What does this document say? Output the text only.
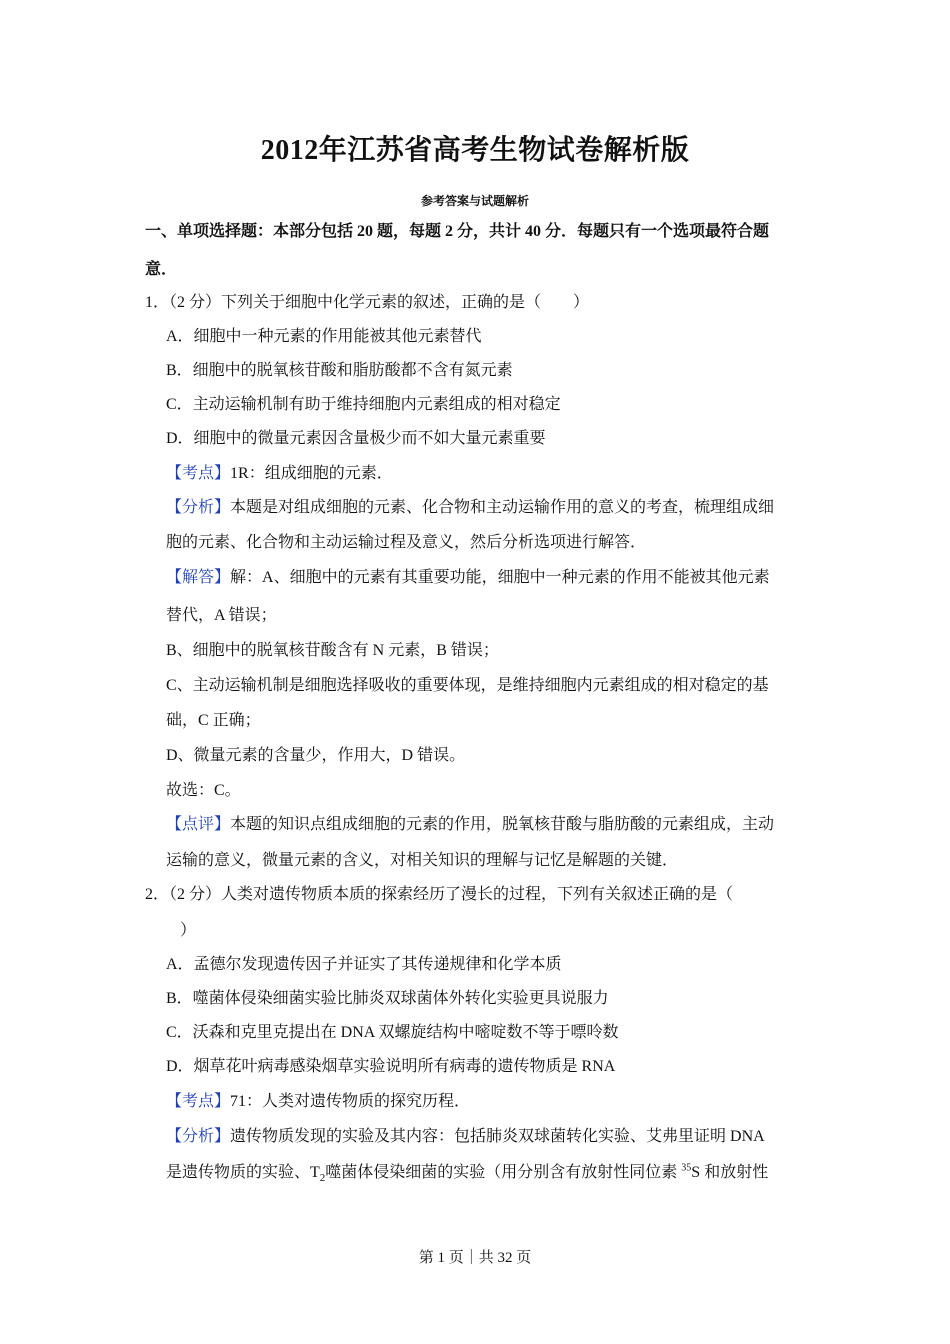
2012年江苏省高考生物试卷解析版
参考答案与试题解析
一、单项选择题：本部分包括 20 题，每题 2 分，共计 40 分．每题只有一个选项最符合题
意．
1．（2 分）下列关于细胞中化学元素的叙述，正确的是（　　）
A．细胞中一种元素的作用能被其他元素替代
B．细胞中的脱氧核苷酸和脂肪酸都不含有氮元素
C．主动运输机制有助于维持细胞内元素组成的相对稳定
D．细胞中的微量元素因含量极少而不如大量元素重要
【考点】1R：组成细胞的元素．
【分析】本题是对组成细胞的元素、化合物和主动运输作用的意义的考查，梳理组成细
胞的元素、化合物和主动运输过程及意义，然后分析选项进行解答．
【解答】解：A、细胞中的元素有其重要功能，细胞中一种元素的作用不能被其他元素
替代，A 错误；
B、细胞中的脱氧核苷酸含有 N 元素，B 错误；
C、主动运输机制是细胞选择吸收的重要体现，是维持细胞内元素组成的相对稳定的基
础，C 正确；
D、微量元素的含量少，作用大，D 错误。
故选：C。
【点评】本题的知识点组成细胞的元素的作用，脱氧核苷酸与脂肪酸的元素组成，主动
运输的意义，微量元素的含义，对相关知识的理解与记忆是解题的关键．
2．（2 分）人类对遗传物质本质的探索经历了漫长的过程，下列有关叙述正确的是（
）
A．孟德尔发现遗传因子并证实了其传递规律和化学本质
B．噬菌体侵染细菌实验比肺炎双球菌体外转化实验更具说服力
C．沃森和克里克提出在 DNA 双螺旋结构中嘧啶数不等于嘌呤数
D．烟草花叶病毒感染烟草实验说明所有病毒的遗传物质是 RNA
【考点】71：人类对遗传物质的探究历程．
【分析】遗传物质发现的实验及其内容：包括肺炎双球菌转化实验、艾弗里证明 DNA
是遗传物质的实验、$T_2$噬菌体侵染细菌的实验（用分别含有放射性同位素 $^{35}$S 和放射性
第 1 页｜共 32 页
